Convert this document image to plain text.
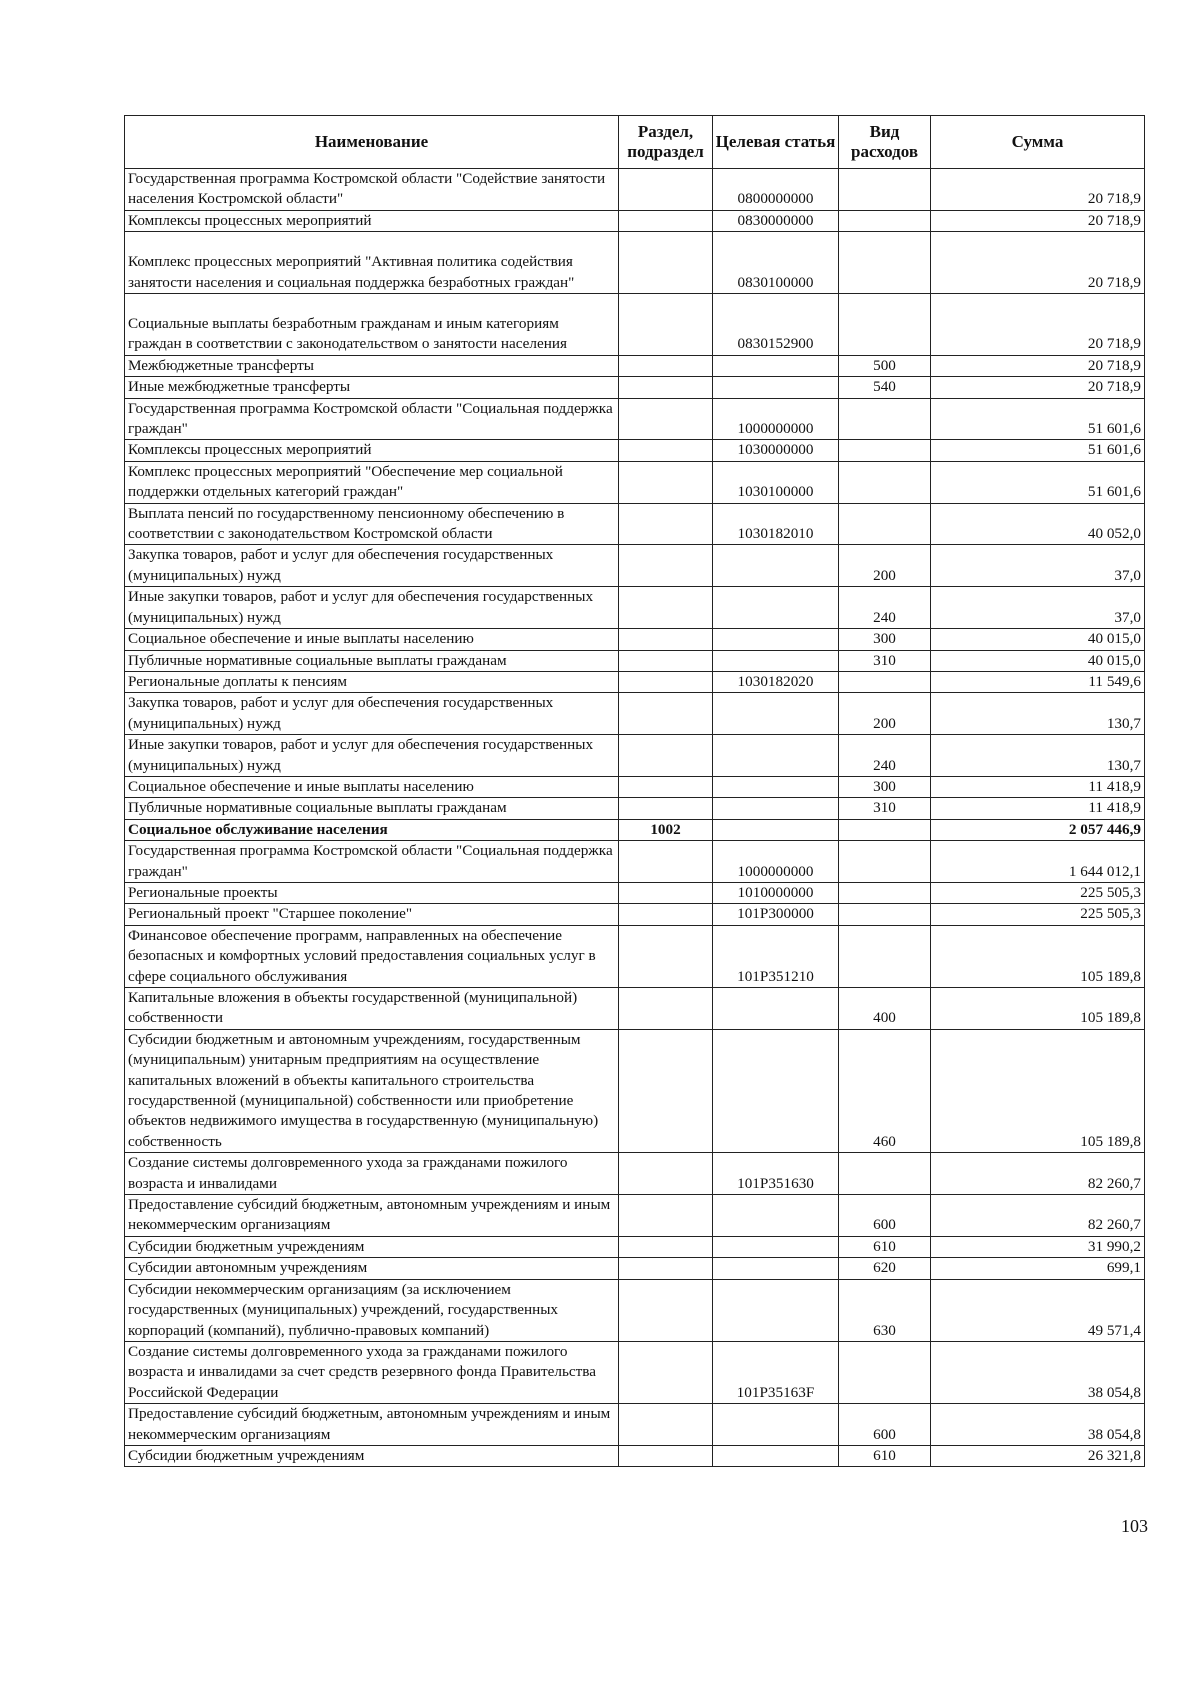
Наименование	Раздел, подраздел	Целевая статья	Вид расходов	Сумма
Государственная программа Костромской области "Содействие занятости населения Костромской области"		0800000000		20 718,9
Комплексы процессных мероприятий		0830000000		20 718,9
Комплекс процессных мероприятий "Активная политика содействия занятости населения и социальная поддержка безработных граждан"		0830100000		20 718,9
Социальные выплаты безработным гражданам и иным категориям граждан в соответствии с законодательством о занятости населения		0830152900		20 718,9
Межбюджетные трансферты			500	20 718,9
Иные межбюджетные трансферты			540	20 718,9
Государственная программа Костромской области "Социальная поддержка граждан"		1000000000		51 601,6
Комплексы процессных мероприятий		1030000000		51 601,6
Комплекс процессных мероприятий "Обеспечение мер социальной поддержки отдельных категорий граждан"		1030100000		51 601,6
Выплата пенсий по государственному пенсионному обеспечению в соответствии с законодательством Костромской области		1030182010		40 052,0
Закупка товаров, работ и услуг для обеспечения государственных (муниципальных) нужд			200	37,0
Иные закупки товаров, работ и услуг для обеспечения государственных (муниципальных) нужд			240	37,0
Социальное обеспечение и иные выплаты населению			300	40 015,0
Публичные нормативные социальные выплаты гражданам			310	40 015,0
Региональные доплаты к пенсиям		1030182020		11 549,6
Закупка товаров, работ и услуг для обеспечения государственных (муниципальных) нужд			200	130,7
Иные закупки товаров, работ и услуг для обеспечения государственных (муниципальных) нужд			240	130,7
Социальное обеспечение и иные выплаты населению			300	11 418,9
Публичные нормативные социальные выплаты гражданам			310	11 418,9
Социальное обслуживание населения	1002			2 057 446,9
Государственная программа Костромской области "Социальная поддержка граждан"		1000000000		1 644 012,1
Региональные проекты		1010000000		225 505,3
Региональный проект "Старшее поколение"		101P300000		225 505,3
Финансовое обеспечение программ, направленных на обеспечение безопасных и комфортных условий предоставления социальных услуг в сфере социального обслуживания		101P351210		105 189,8
Капитальные вложения в объекты государственной (муниципальной) собственности			400	105 189,8
Субсидии бюджетным и автономным учреждениям, государственным (муниципальным) унитарным предприятиям на осуществление капитальных вложений в объекты капитального строительства государственной (муниципальной) собственности или приобретение объектов недвижимого имущества в государственную (муниципальную) собственность			460	105 189,8
Создание системы долговременного ухода за гражданами пожилого возраста и инвалидами		101P351630		82 260,7
Предоставление субсидий бюджетным, автономным учреждениям и иным некоммерческим организациям			600	82 260,7
Субсидии бюджетным учреждениям			610	31 990,2
Субсидии автономным учреждениям			620	699,1
Субсидии некоммерческим организациям (за исключением государственных (муниципальных) учреждений, государственных корпораций (компаний), публично-правовых компаний)			630	49 571,4
Создание системы долговременного ухода за гражданами пожилого возраста и инвалидами за счет средств резервного фонда Правительства Российской Федерации		101P35163F		38 054,8
Предоставление субсидий бюджетным, автономным учреждениям и иным некоммерческим организациям			600	38 054,8
Субсидии бюджетным учреждениям			610	26 321,8
103
